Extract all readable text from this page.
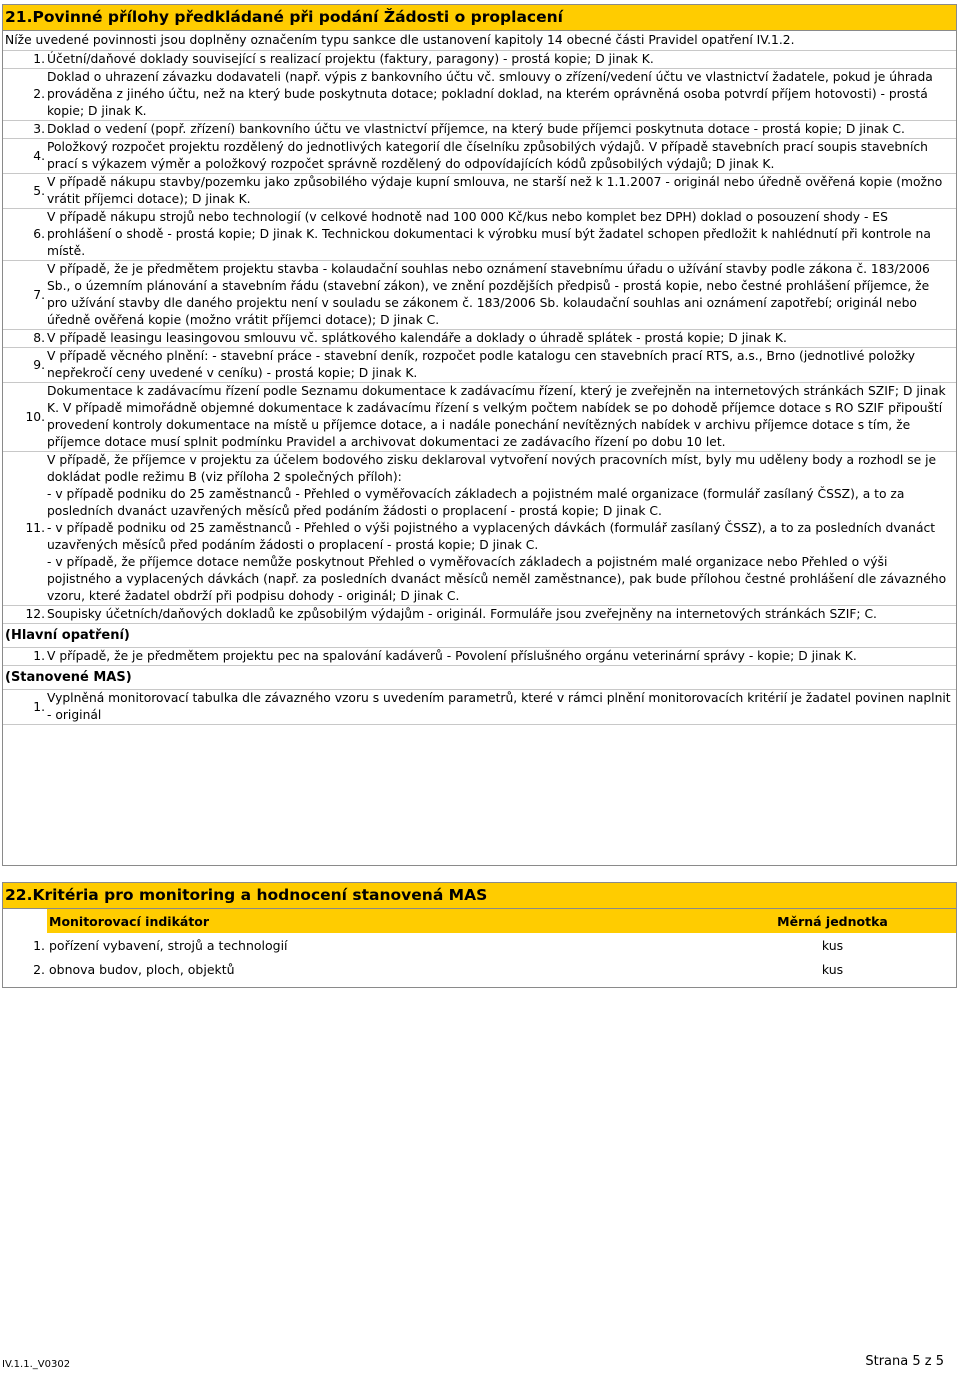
21.Povinné přílohy předkládané při podání Žádosti o proplacení
Níže uvedené povinnosti jsou doplněny označením typu sankce dle ustanovení kapitoly 14 obecné části Pravidel opatření IV.1.2.
1. Účetní/daňové doklady související s realizací projektu (faktury, paragony) - prostá kopie; D jinak K.
2.
Doklad o uhrazení závazku dodavateli (např. výpis z bankovního účtu vč. smlouvy o zřízení/vedení účtu ve vlastnictví žadatele, pokud je úhrada prováděna z jiného účtu, než na který bude poskytnuta dotace; pokladní doklad, na kterém oprávněná osoba potvrdí příjem hotovosti) - prostá kopie; D jinak K.
3. Doklad o vedení (popř. zřízení) bankovního účtu ve vlastnictví příjemce, na který bude příjemci poskytnuta dotace - prostá kopie; D jinak C.
4.
Položkový rozpočet projektu rozdělený do jednotlivých kategorií dle číselníku způsobilých výdajů. V případě stavebních prací soupis stavebních prací s výkazem výměr a položkový rozpočet správně rozdělený do odpovídajících kódů způsobilých výdajů; D jinak K.
5.
V případě nákupu stavby/pozemku jako způsobilého výdaje kupní smlouva, ne starší než k 1.1.2007 - originál nebo úředně ověřená kopie (možno vrátit příjemci dotace); D jinak K.
6.
V případě nákupu strojů nebo technologií (v celkové hodnotě nad 100 000 Kč/kus nebo komplet bez DPH) doklad o posouzení shody - ES prohlášení o shodě - prostá kopie; D jinak K. Technickou dokumentaci k výrobku musí být žadatel schopen předložit k nahlédnutí při kontrole na místě.
7.
V případě, že je předmětem projektu stavba - kolaudační souhlas nebo oznámení stavebnímu úřadu o užívání stavby podle zákona č. 183/2006 Sb., o územním plánování a stavebním řádu (stavební zákon), ve znění pozdějších předpisů - prostá kopie, nebo čestné prohlášení příjemce, že pro užívání stavby dle daného projektu není v souladu se zákonem č. 183/2006 Sb. kolaudační souhlas ani oznámení zapotřebí; originál nebo úředně ověřená kopie (možno vrátit příjemci dotace); D jinak C.
8. V případě leasingu leasingovou smlouvu vč. splátkového kalendáře a doklady o úhradě splátek - prostá kopie; D jinak K.
9.
V případě věcného plnění: - stavební práce - stavební deník, rozpočet podle katalogu cen stavebních prací RTS, a.s., Brno (jednotlivé položky nepřekročí ceny uvedené v ceníku) - prostá kopie; D jinak K.
10.
Dokumentace k zadávacímu řízení podle Seznamu dokumentace k zadávacímu řízení, který je zveřejněn na internetových stránkách SZIF; D jinak K. V případě mimořádně objemné dokumentace k zadávacímu řízení s velkým počtem nabídek se po dohodě příjemce dotace s RO SZIF připouští provedení kontroly dokumentace na místě u příjemce dotace, a i nadále ponechání nevítězných nabídek v archivu příjemce dotace s tím, že příjemce dotace musí splnit podmínku Pravidel a archivovat dokumentaci ze zadávacího řízení po dobu 10 let.
11.
V případě, že příjemce v projektu za účelem bodového zisku deklaroval vytvoření nových pracovních míst, byly mu uděleny body a rozhodl se je dokládat podle režimu B (viz příloha 2 společných příloh):
- v případě podniku do 25 zaměstnanců - Přehled o vyměřovacích základech a pojistném malé organizace (formulář zasílaný ČSSZ), a to za posledních dvanáct uzavřených měsíců před podáním žádosti o proplacení - prostá kopie; D jinak C.
- v případě podniku od 25 zaměstnanců - Přehled o výši pojistného a vyplacených dávkách (formulář zasílaný ČSSZ), a to za posledních dvanáct uzavřených měsíců před podáním žádosti o proplacení - prostá kopie; D jinak C.
- v případě, že příjemce dotace nemůže poskytnout Přehled o vyměřovacích základech a pojistném malé organizace nebo Přehled o výši pojistného a vyplacených dávkách (např. za posledních dvanáct měsíců neměl zaměstnance), pak bude přílohou čestné prohlášení dle závazného vzoru, které žadatel obdrží při podpisu dohody - originál; D jinak C.
12. Soupisky účetních/daňových dokladů ke způsobilým výdajům - originál. Formuláře jsou zveřejněny na internetových stránkách SZIF; C.
(Hlavní opatření)
1. V případě, že je předmětem projektu pec na spalování kadáverů - Povolení příslušného orgánu veterinární správy - kopie; D jinak K.
(Stanovené MAS)
1.
Vyplněná monitorovací tabulka dle závazného vzoru s uvedením parametrů, které v rámci plnění monitorovacích kritérií je žadatel povinen naplnit - originál
22.Kritéria pro monitoring a hodnocení stanovená MAS
	Monitorovací indikátor	Měrná jednotka
1.	pořízení vybavení, strojů a technologií	kus
2.	obnova budov, ploch, objektů	kus
IV.1.1._V0302	Strana 5 z 5
